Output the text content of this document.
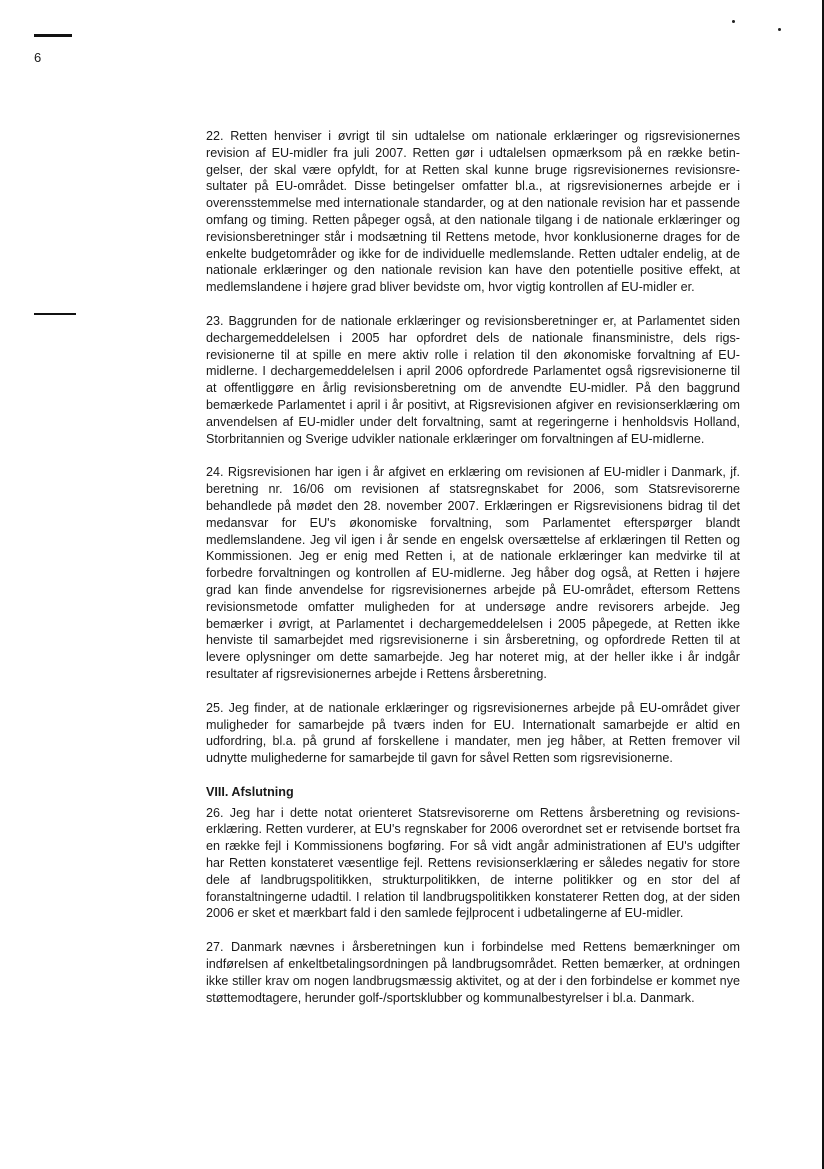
6

22. Retten henviser i øvrigt til sin udtalelse om nationale erklæringer og rigsrevisionernes revision af EU-midler fra juli 2007. Retten gør i udtalelsen opmærksom på en række betingelser, der skal være opfyldt, for at Retten skal kunne bruge rigsrevisionernes revisionsresultater på EU-området. Disse betingelser omfatter bl.a., at rigsrevisionernes arbejde er i overensstemmelse med internationale standarder, og at den nationale revision har et passende omfang og timing. Retten påpeger også, at den nationale tilgang i de nationale erklæringer og revisionsberetninger står i modsætning til Rettens metode, hvor konklusionerne drages for de enkelte budgetområder og ikke for de individuelle medlemslande. Retten udtaler endelig, at de nationale erklæringer og den nationale revision kan have den potentielle positive effekt, at medlemslandene i højere grad bliver bevidste om, hvor vigtig kontrollen af EU-midler er.

23. Baggrunden for de nationale erklæringer og revisionsberetninger er, at Parlamentet siden dechargemeddelelsen i 2005 har opfordret dels de nationale finansministre, dels rigsrevisionerne til at spille en mere aktiv rolle i relation til den økonomiske forvaltning af EU-midlerne. I dechargemeddelelsen i april 2006 opfordrede Parlamentet også rigsrevisionerne til at offentliggøre en årlig revisionsberetning om de anvendte EU-midler. På den baggrund bemærkede Parlamentet i april i år positivt, at Rigsrevisionen afgiver en revisionserklæring om anvendelsen af EU-midler under delt forvaltning, samt at regeringerne i henholdsvis Holland, Storbritannien og Sverige udvikler nationale erklæringer om forvaltningen af EU-midlerne.

24. Rigsrevisionen har igen i år afgivet en erklæring om revisionen af EU-midler i Danmark, jf. beretning nr. 16/06 om revisionen af statsregnskabet for 2006, som Statsrevisorerne behandlede på mødet den 28. november 2007. Erklæringen er Rigsrevisionens bidrag til det medansvar for EU's økonomiske forvaltning, som Parlamentet efterspørger blandt medlemslandene. Jeg vil igen i år sende en engelsk oversættelse af erklæringen til Retten og Kommissionen. Jeg er enig med Retten i, at de nationale erklæringer kan medvirke til at forbedre forvaltningen og kontrollen af EU-midlerne. Jeg håber dog også, at Retten i højere grad kan finde anvendelse for rigsrevisionernes arbejde på EU-området, eftersom Rettens revisionsmetode omfatter muligheden for at undersøge andre revisorers arbejde. Jeg bemærker i øvrigt, at Parlamentet i dechargemeddelelsen i 2005 påpegede, at Retten ikke henviste til samarbejdet med rigsrevisionerne i sin årsberetning, og opfordrede Retten til at levere oplysninger om dette samarbejde. Jeg har noteret mig, at der heller ikke i år indgår resultater af rigsrevisionernes arbejde i Rettens årsberetning.

25. Jeg finder, at de nationale erklæringer og rigsrevisionernes arbejde på EU-området giver muligheder for samarbejde på tværs inden for EU. Internationalt samarbejde er altid en udfordring, bl.a. på grund af forskellene i mandater, men jeg håber, at Retten fremover vil udnytte mulighederne for samarbejde til gavn for såvel Retten som rigsrevisionerne.

VIII. Afslutning

26. Jeg har i dette notat orienteret Statsrevisorerne om Rettens årsberetning og revisionserklæring. Retten vurderer, at EU's regnskaber for 2006 overordnet set er retvisende bortset fra en række fejl i Kommissionens bogføring. For så vidt angår administrationen af EU's udgifter har Retten konstateret væsentlige fejl. Rettens revisionserklæring er således negativ for store dele af landbrugspolitikken, strukturpolitikken, de interne politikker og en stor del af foranstaltningerne udadtil. I relation til landbrugspolitikken konstaterer Retten dog, at der siden 2006 er sket et mærkbart fald i den samlede fejlprocent i udbetalingerne af EU-midler.

27. Danmark nævnes i årsberetningen kun i forbindelse med Rettens bemærkninger om indførelsen af enkeltbetalingsordningen på landbrugsområdet. Retten bemærker, at ordningen ikke stiller krav om nogen landbrugsmæssig aktivitet, og at der i den forbindelse er kommet nye støttemodtagere, herunder golf-/sportsklubber og kommunalbestyrelser i bl.a. Danmark.
